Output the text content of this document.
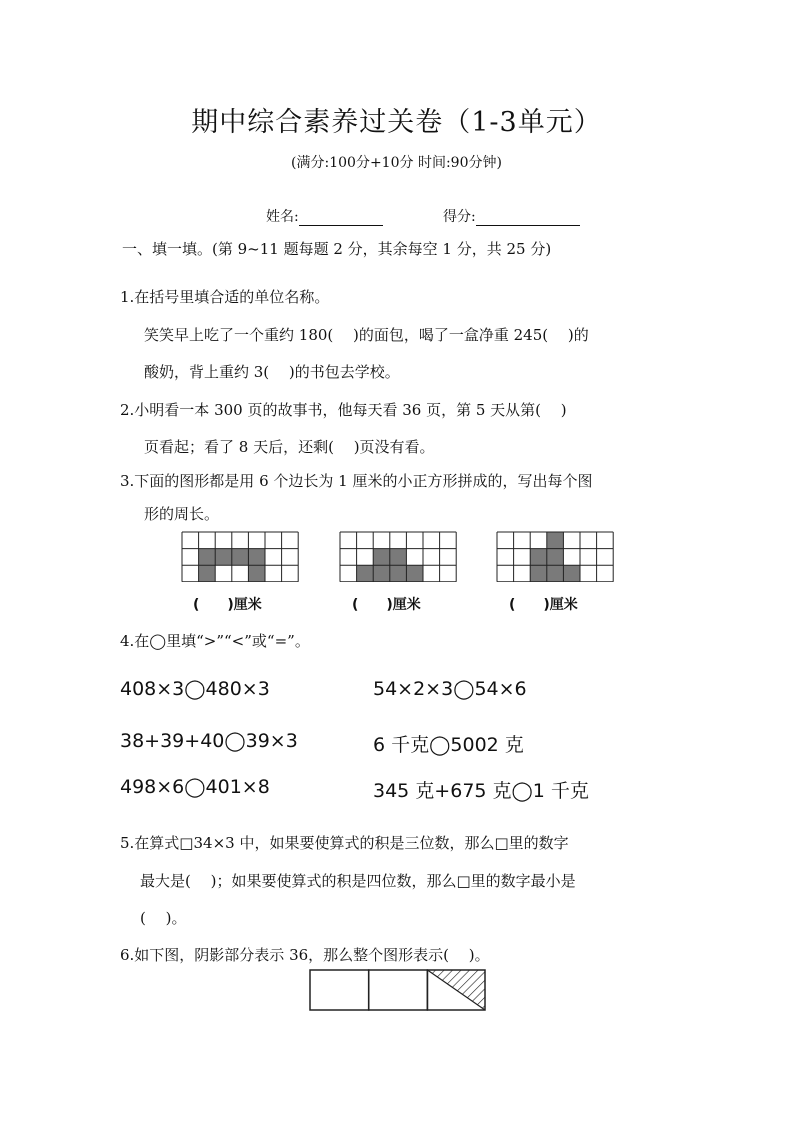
期中综合素养过关卷（1-3单元）
(满分:100分+10分 时间:90分钟)
姓名:	得分:
一、填一填。(第 9~11 题每题 2 分，其余每空 1 分，共 25 分)
1.在括号里填合适的单位名称。
笑笑早上吃了一个重约 180(　 )的面包，喝了一盒净重 245(　 )的
酸奶，背上重约 3(　 )的书包去学校。
2.小明看一本 300 页的故事书，他每天看 36 页，第 5 天从第(　 )
页看起；看了 8 天后，还剩(　 )页没有看。
3.下面的图形都是用 6 个边长为 1 厘米的小正方形拼成的，写出每个图
形的周长。
(　　)厘米	(　　)厘米	(　　)厘米
4.在◯里填“>”“<”或“=”。
408×3◯480×3	54×2×3◯54×6
38+39+40◯39×3	6 千克◯5002 克
498×6◯401×8	345 克+675 克◯1 千克
5.在算式□34×3 中，如果要使算式的积是三位数，那么□里的数字
最大是(　 )；如果要使算式的积是四位数，那么□里的数字最小是
(　 )。
6.如下图，阴影部分表示 36，那么整个图形表示(　 )。
